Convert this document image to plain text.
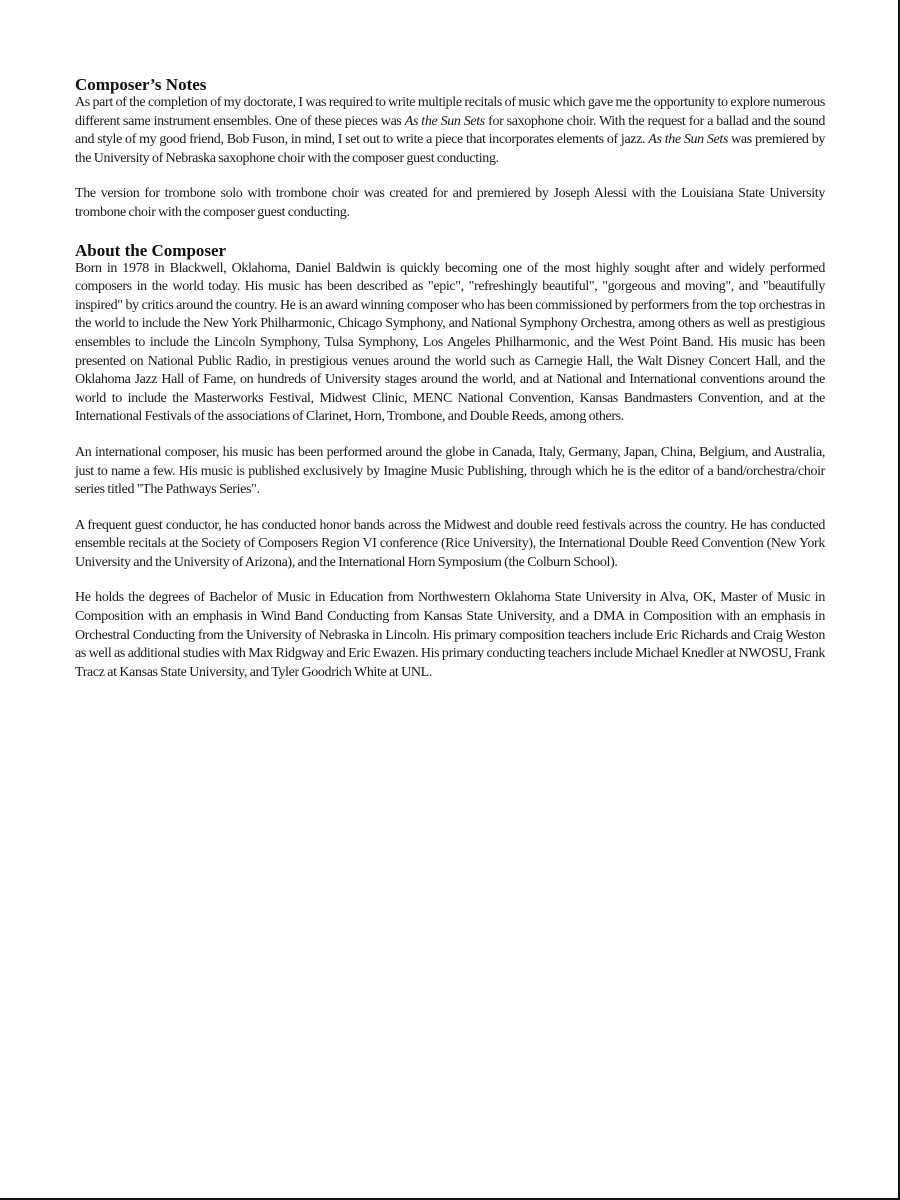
Composer’s Notes

As part of the completion of my doctorate, I was required to write multiple recitals of music which gave me the opportunity to explore numerous different same instrument ensembles. One of these pieces was As the Sun Sets for saxophone choir. With the request for a ballad and the sound and style of my good friend, Bob Fuson, in mind, I set out to write a piece that incorporates elements of jazz. As the Sun Sets was premiered by the University of Nebraska saxophone choir with the composer guest conducting.

The version for trombone solo with trombone choir was created for and premiered by Joseph Alessi with the Louisiana State University trombone choir with the composer guest conducting.

About the Composer

Born in 1978 in Blackwell, Oklahoma, Daniel Baldwin is quickly becoming one of the most highly sought after and widely performed composers in the world today. His music has been described as "epic", "refreshingly beautiful", "gorgeous and moving", and "beautifully inspired" by critics around the country. He is an award winning composer who has been commissioned by performers from the top orchestras in the world to include the New York Philharmonic, Chicago Symphony, and National Symphony Orchestra, among others as well as prestigious ensembles to include the Lincoln Symphony, Tulsa Symphony, Los Angeles Philharmonic, and the West Point Band. His music has been presented on National Public Radio, in prestigious venues around the world such as Carnegie Hall, the Walt Disney Concert Hall, and the Oklahoma Jazz Hall of Fame, on hundreds of University stages around the world, and at National and International conventions around the world to include the Masterworks Festival, Midwest Clinic, MENC National Convention, Kansas Bandmasters Convention, and at the International Festivals of the associations of Clarinet, Horn, Trombone, and Double Reeds, among others.

An international composer, his music has been performed around the globe in Canada, Italy, Germany, Japan, China, Belgium, and Australia, just to name a few. His music is published exclusively by Imagine Music Publishing, through which he is the editor of a band/orchestra/choir series titled "The Pathways Series".

A frequent guest conductor, he has conducted honor bands across the Midwest and double reed festivals across the country. He has conducted ensemble recitals at the Society of Composers Region VI conference (Rice University), the International Double Reed Convention (New York University and the University of Arizona), and the International Horn Symposium (the Colburn School).

He holds the degrees of Bachelor of Music in Education from Northwestern Oklahoma State University in Alva, OK, Master of Music in Composition with an emphasis in Wind Band Conducting from Kansas State University, and a DMA in Composition with an emphasis in Orchestral Conducting from the University of Nebraska in Lincoln. His primary composition teachers include Eric Richards and Craig Weston as well as additional studies with Max Ridgway and Eric Ewazen. His primary conducting teachers include Michael Knedler at NWOSU, Frank Tracz at Kansas State University, and Tyler Goodrich White at UNL.
